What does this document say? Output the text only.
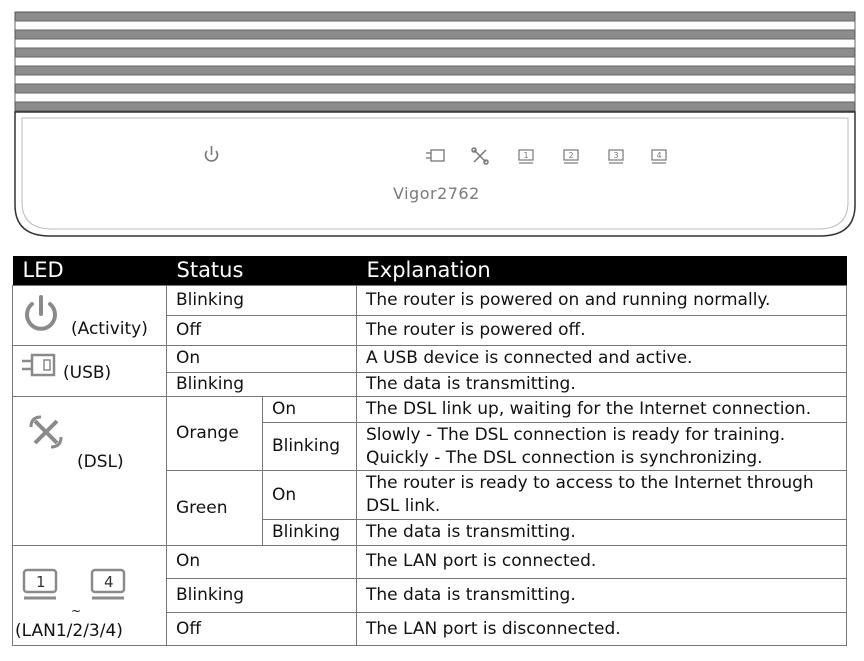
1	2	3	4
Vigor2762
LED	Status		Explanation

(Activity)	Blinking		The router is powered on and running normally.
	Off		The router is powered off.

(USB)	On		A USB device is connected and active.
	Blinking		The data is transmitting.

(DSL)	Orange	On	The DSL link up, waiting for the Internet connection.
		Blinking	Slowly - The DSL connection is ready for training.
Quickly - The DSL connection is synchronizing.

	Green	On	The router is ready to access to the Internet through
DSL link.

		Blinking	The data is transmitting.

1 4
~
(LAN1/2/3/4)	On		The LAN port is connected.
	Blinking		The data is transmitting.
	Off		The LAN port is disconnected.
